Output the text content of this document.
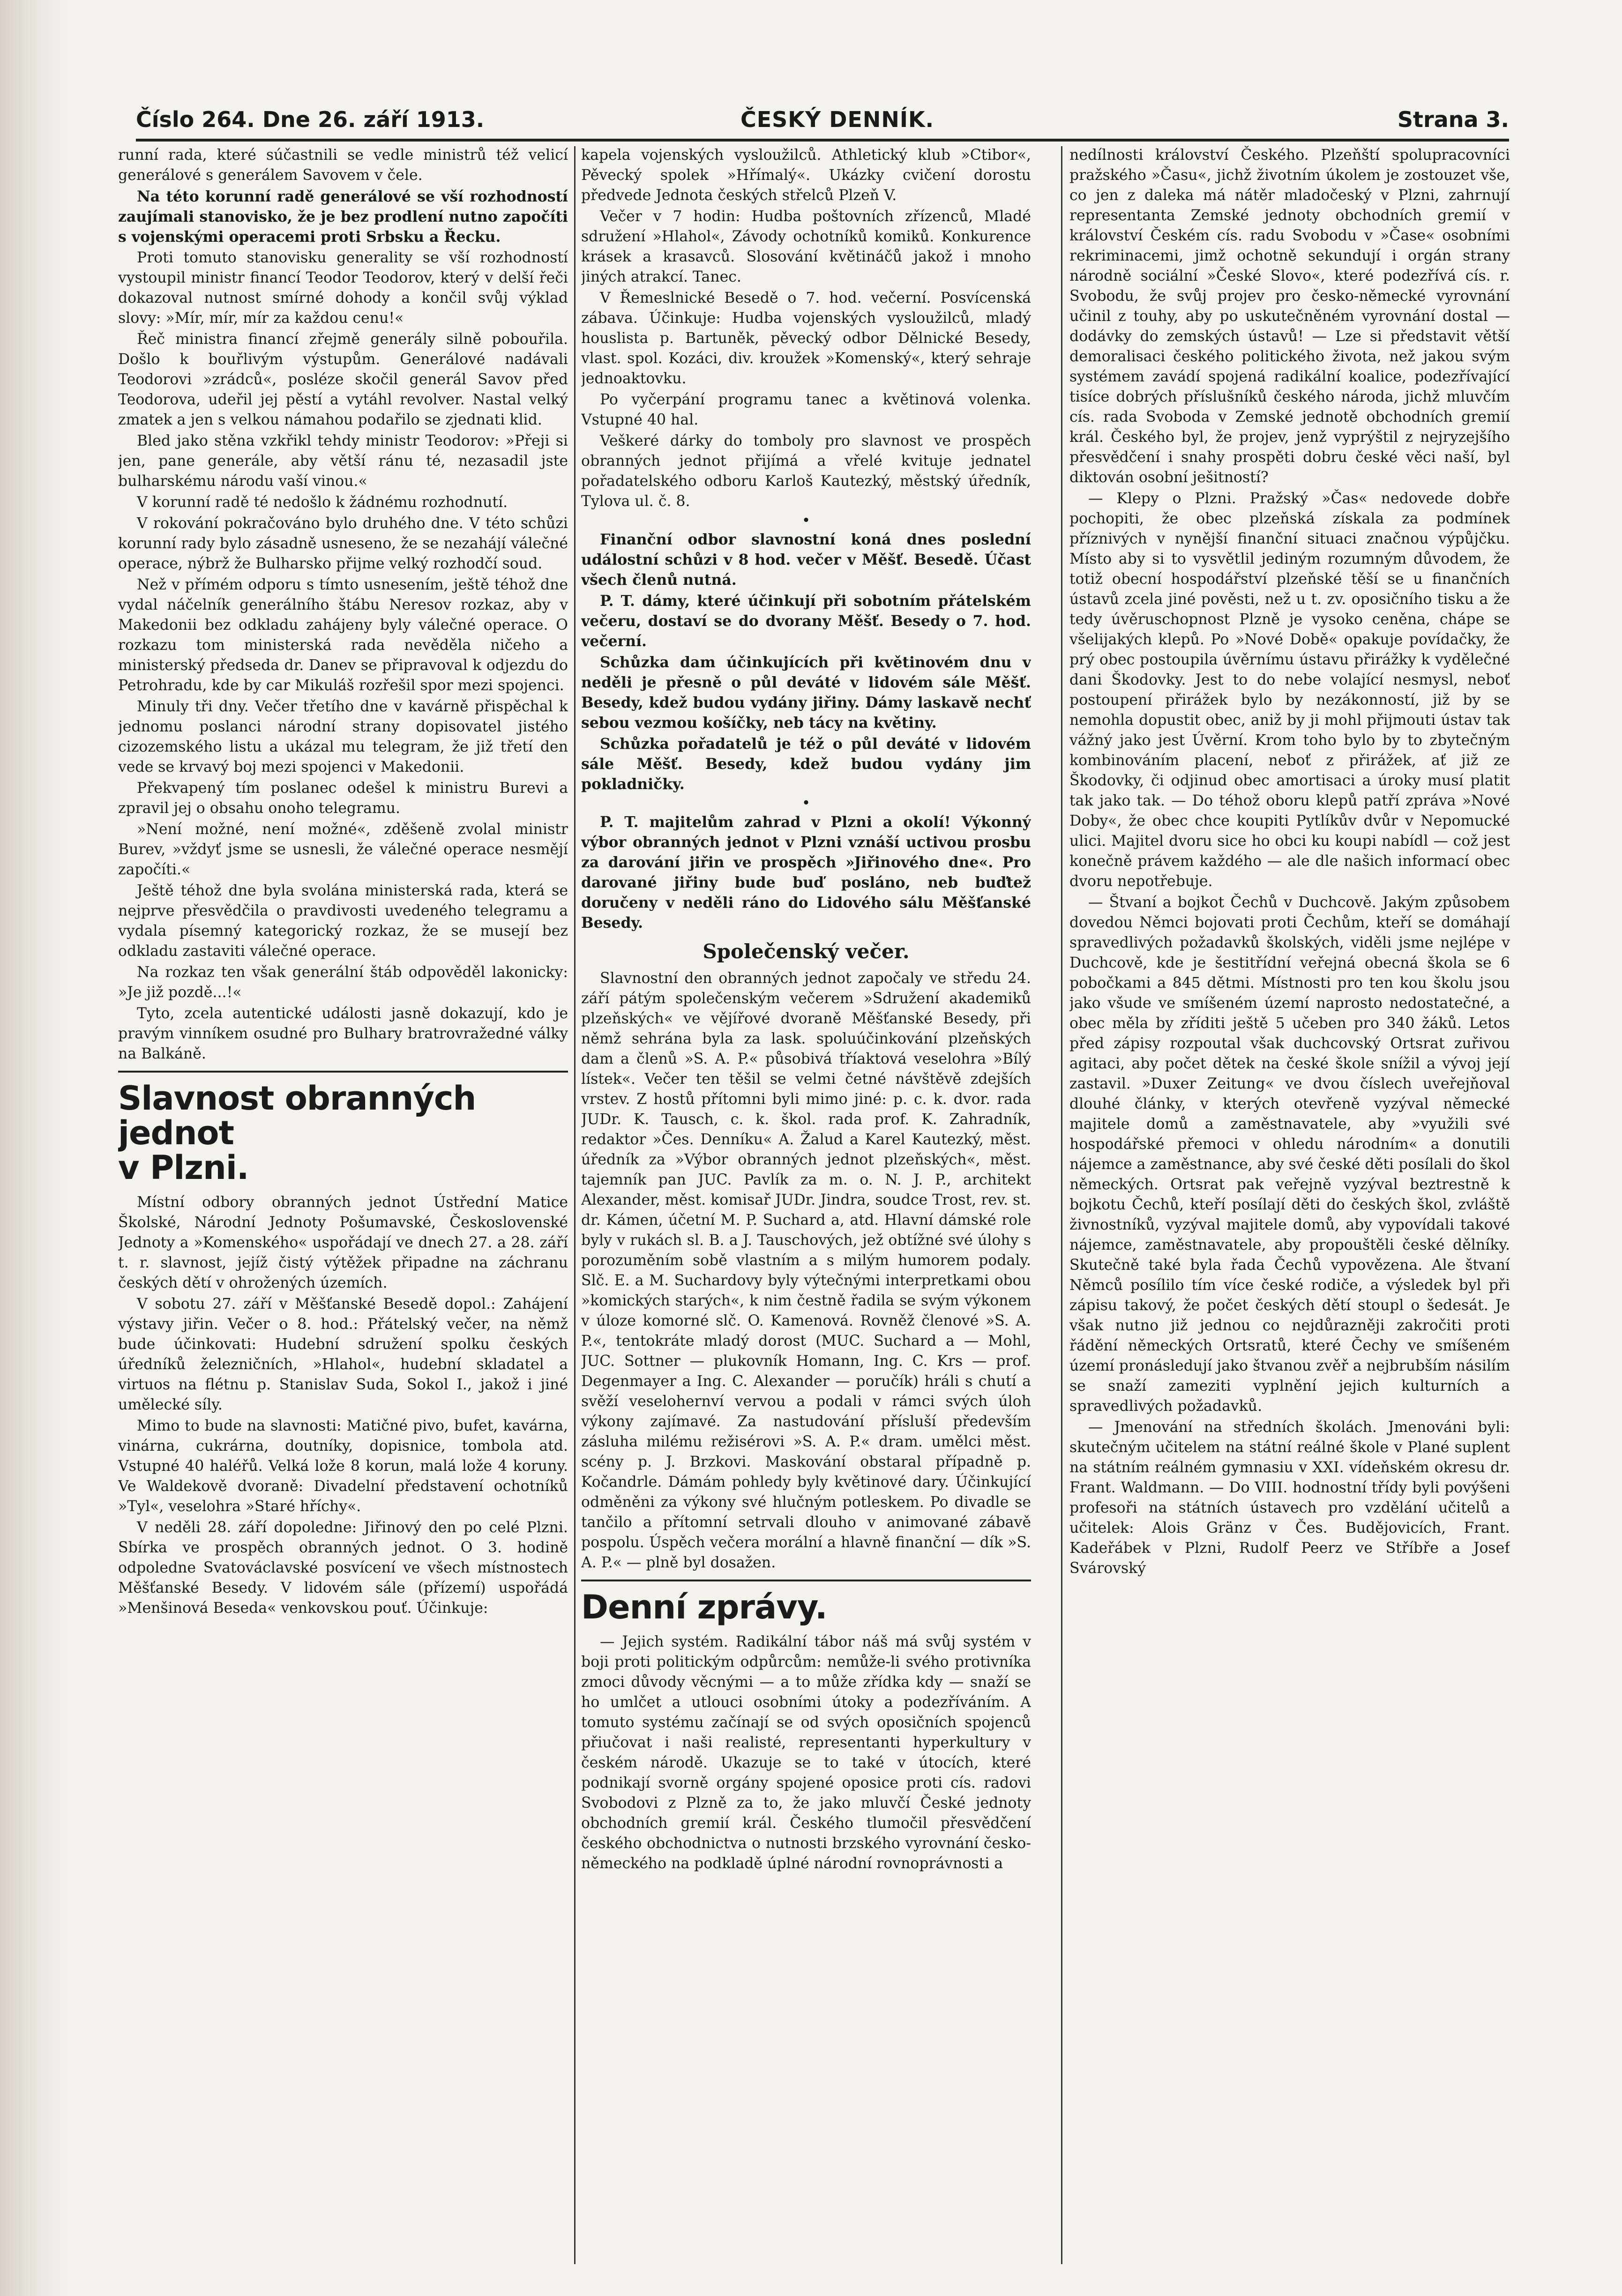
Číslo 264. Dne 26. září 1913.	ČESKÝ DENNÍK.	Strana 3.

runní rada, které súčastnili se vedle ministrů též velicí generálové s generálem Savovem v čele.

Na této korunní radě generálové se vší rozhodností zaujímali stanovisko, že je bez prodlení nutno započíti s vojenskými operacemi proti Srbsku a Řecku.

Proti tomuto stanovisku generality se vší rozhodností vystoupil ministr financí Teodor Teodorov, který v delší řeči dokazoval nutnost smírné dohody a končil svůj výklad slovy: »Mír, mír, mír za každou cenu!«

Řeč ministra financí zřejmě generály silně pobouřila. Došlo k bouřlivým výstupům. Generálové nadávali Teodorovi »zrádců«, posléze skočil generál Savov před Teodorova, udeřil jej pěstí a vytáhl revolver. Nastal velký zmatek a jen s velkou námahou podařilo se zjednati klid.

Bled jako stěna vzkřikl tehdy ministr Teodorov: »Přeji si jen, pane generále, aby větší ránu té, nezasadil jste bulharskému národu vaší vinou.«

V korunní radě té nedošlo k žádnému rozhodnutí.

V rokování pokračováno bylo druhého dne. V této schůzi korunní rady bylo zásadně usneseno, že se nezahájí válečné operace, nýbrž že Bulharsko přijme velký rozhodčí soud.

Než v přímém odporu s tímto usnesením, ještě téhož dne vydal náčelník generálního štábu Neresov rozkaz, aby v Makedonii bez odkladu zahájeny byly válečné operace. O rozkazu tom ministerská rada nevěděla ničeho a ministerský předseda dr. Danev se připravoval k odjezdu do Petrohradu, kde by car Mikuláš rozřešil spor mezi spojenci.

Minuly tři dny. Večer třetího dne v kavárně přispěchal k jednomu poslanci národní strany dopisovatel jistého cizozemského listu a ukázal mu telegram, že již třetí den vede se krvavý boj mezi spojenci v Makedonii.

Překvapený tím poslanec odešel k ministru Burevi a zpravil jej o obsahu onoho telegramu.

»Není možné, není možné«, zděšeně zvolal ministr Burev, »vždyť jsme se usnesli, že válečné operace nesmějí započíti.«

Ještě téhož dne byla svolána ministerská rada, která se nejprve přesvědčila o pravdivosti uvedeného telegramu a vydala písemný kategorický rozkaz, že se musejí bez odkladu zastaviti válečné operace.

Na rozkaz ten však generální štáb odpověděl lakonicky: »Je již pozdě...!«

Tyto, zcela autentické události jasně dokazují, kdo je pravým vinníkem osudné pro Bulhary bratrovražedné války na Balkáně.

Slavnost obranných jednot
v Plzni.

Místní odbory obranných jednot Ústřední Matice Školské, Národní Jednoty Pošumavské, Československé Jednoty a »Komenského« uspořádají ve dnech 27. a 28. září t. r. slavnost, jejíž čistý výtěžek připadne na záchranu českých dětí v ohrožených územích.

V sobotu 27. září v Měšťanské Besedě dopol.: Zahájení výstavy jiřin. Večer o 8. hod.: Přátelský večer, na němž bude účinkovati: Hudební sdružení spolku českých úředníků železničních, »Hlahol«, hudební skladatel a virtuos na flétnu p. Stanislav Suda, Sokol I., jakož i jiné umělecké síly.

Mimo to bude na slavnosti: Matičné pivo, bufet, kavárna, vinárna, cukrárna, doutníky, dopisnice, tombola atd. Vstupné 40 haléřů. Velká lože 8 korun, malá lože 4 koruny. Ve Waldekově dvoraně: Divadelní představení ochotníků »Tyl«, veselohra »Staré hříchy«.

V neděli 28. září dopoledne: Jiřinový den po celé Plzni. Sbírka ve prospěch obranných jednot. O 3. hodině odpoledne Svatováclavské posvícení ve všech místnostech Měšťanské Besedy. V lidovém sále (přízemí) uspořádá »Menšinová Beseda« venkovskou pouť. Účinkuje:

kapela vojenských vysloužilců. Athletický klub »Ctibor«, Pěvecký spolek »Hřímalý«. Ukázky cvičení dorostu předvede Jednota českých střelců Plzeň V.

Večer v 7 hodin: Hudba poštovních zřízenců, Mladé sdružení »Hlahol«, Závody ochotníků komiků. Konkurence krásek a krasavců. Slosování květináčů jakož i mnoho jiných atrakcí. Tanec.

V Řemeslnické Besedě o 7. hod. večerní. Posvícenská zábava. Účinkuje: Hudba vojenských vysloužilců, mladý houslista p. Bartuněk, pěvecký odbor Dělnické Besedy, vlast. spol. Kozáci, div. kroužek »Komenský«, který sehraje jednoaktovku.

Po vyčerpání programu tanec a květinová volenka. Vstupné 40 hal.

Veškeré dárky do tomboly pro slavnost ve prospěch obranných jednot přijímá a vřelé kvituje jednatel pořadatelského odboru Karloš Kautezký, městský úředník, Tylova ul. č. 8.

•

Finanční odbor slavnostní koná dnes poslední událostní schůzi v 8 hod. večer v Měšť. Besedě. Účast všech členů nutná.

P. T. dámy, které účinkují při sobotním přátelském večeru, dostaví se do dvorany Měšť. Besedy o 7. hod. večerní.

Schůzka dam účinkujících při květinovém dnu v neděli je přesně o půl deváté v lidovém sále Měšť. Besedy, kdež budou vydány jiřiny. Dámy laskavě nechť sebou vezmou košíčky, neb tácy na květiny.

Schůzka pořadatelů je též o půl deváté v lidovém sále Měšť. Besedy, kdež budou vydány jim pokladničky.

•

P. T. majitelům zahrad v Plzni a okolí! Výkonný výbor obranných jednot v Plzni vznáší uctivou prosbu za darování jiřin ve prospěch »Jiřinového dne«. Pro darované jiřiny bude buď posláno, neb buďtež doručeny v neděli ráno do Lidového sálu Měšťanské Besedy.

Společenský večer.

Slavnostní den obranných jednot započaly ve středu 24. září pátým společenským večerem »Sdružení akademiků plzeňských« ve vějířové dvoraně Měšťanské Besedy, při němž sehrána byla za lask. spoluúčinkování plzeňských dam a členů »S. A. P.« působivá tříaktová veselohra »Bílý lístek«. Večer ten těšil se velmi četné návštěvě zdejších vrstev. Z hostů přítomni byli mimo jiné: p. c. k. dvor. rada JUDr. K. Tausch, c. k. škol. rada prof. K. Zahradník, redaktor »Čes. Denníku« A. Žalud a Karel Kautezký, měst. úředník za »Výbor obranných jednot plzeňských«, měst. tajemník pan JUC. Pavlík za m. o. N. J. P., architekt Alexander, měst. komisař JUDr. Jindra, soudce Trost, rev. st. dr. Kámen, účetní M. P. Suchard a, atd. Hlavní dámské role byly v rukách sl. B. a J. Tauschových, jež obtížné své úlohy s porozuměním sobě vlastním a s milým humorem podaly. Slč. E. a M. Suchardovy byly výtečnými interpretkami obou »komických starých«, k nim čestně řadila se svým výkonem v úloze komorné slč. O. Kamenová. Rovněž členové »S. A. P.«, tentokráte mladý dorost (MUC. Suchard a — Mohl, JUC. Sottner — plukovník Homann, Ing. C. Krs — prof. Degenmayer a Ing. C. Alexander — poručík) hráli s chutí a svěží veselohernví vervou a podali v rámci svých úloh výkony zajímavé. Za nastudování přísluší především zásluha milému režisérovi »S. A. P.« dram. umělci měst. scény p. J. Brzkovi. Maskování obstaral případně p. Kočandrle. Dámám pohledy byly květinové dary. Účinkující odměněni za výkony své hlučným potleskem. Po divadle se tančilo a přítomní setrvali dlouho v animované zábavě pospolu. Úspěch večera morální a hlavně finanční — dík »S. A. P.« — plně byl dosažen.

Denní zprávy.

— Jejich systém. Radikální tábor náš má svůj systém v boji proti politickým odpůrcům: nemůže-li svého protivníka zmoci důvody věcnými — a to může zřídka kdy — snaží se ho umlčet a utlouci osobními útoky a podezříváním. A tomuto systému začínají se od svých oposičních spojenců přiučovat i naši realisté, representanti hyperkultury v českém národě. Ukazuje se to také v útocích, které podnikají svorně orgány spojené oposice proti cís. radovi Svobodovi z Plzně za to, že jako mluvčí České jednoty obchodních gremií král. Českého tlumočil přesvědčení českého obchodnictva o nutnosti brzského vyrovnání česko-německého na podkladě úplné národní rovnoprávnosti a

nedílnosti království Českého. Plzeňští spolupracovníci pražského »Času«, jichž životním úkolem je zostouzet vše, co jen z daleka má nátěr mladočeský v Plzni, zahrnují representanta Zemské jednoty obchodních gremií v království Českém cís. radu Svobodu v »Čase« osobními rekriminacemi, jimž ochotně sekundují i orgán strany národně sociální »České Slovo«, které podezřívá cís. r. Svobodu, že svůj projev pro česko-německé vyrovnání učinil z touhy, aby po uskutečněném vyrovnání dostal — dodávky do zemských ústavů! — Lze si představit větší demoralisaci českého politického života, než jakou svým systémem zavádí spojená radikální koalice, podezřívající tisíce dobrých příslušníků českého národa, jichž mluvčím cís. rada Svoboda v Zemské jednotě obchodních gremií král. Českého byl, že projev, jenž vyprýštil z nejryzejšího přesvědčení i snahy prospěti dobru české věci naší, byl diktován osobní ješitností?

— Klepy o Plzni. Pražský »Čas« nedovede dobře pochopiti, že obec plzeňská získala za podmínek příznivých v nynější finanční situaci značnou výpůjčku. Místo aby si to vysvětlil jediným rozumným důvodem, že totiž obecní hospodářství plzeňské těší se u finančních ústavů zcela jiné pověsti, než u t. zv. oposičního tisku a že tedy úvěruschopnost Plzně je vysoko ceněna, chápe se všelijakých klepů. Po »Nové Době« opakuje povídačky, že prý obec postoupila úvěrnímu ústavu přirážky k vydělečné dani Škodovky. Jest to do nebe volající nesmysl, neboť postoupení přirážek bylo by nezákonností, již by se nemohla dopustit obec, aniž by ji mohl přijmouti ústav tak vážný jako jest Úvěrní. Krom toho bylo by to zbytečným kombinováním placení, neboť z přirážek, ať již ze Škodovky, či odjinud obec amortisaci a úroky musí platit tak jako tak. — Do téhož oboru klepů patří zpráva »Nové Doby«, že obec chce koupiti Pytlíkův dvůr v Nepomucké ulici. Majitel dvoru sice ho obci ku koupi nabídl — což jest konečně právem každého — ale dle našich informací obec dvoru nepotřebuje.

— Štvaní a bojkot Čechů v Duchcově. Jakým způsobem dovedou Němci bojovati proti Čechům, kteří se domáhají spravedlivých požadavků školských, viděli jsme nejlépe v Duchcově, kde je šestitřídní veřejná obecná škola se 6 pobočkami a 845 dětmi. Místnosti pro ten kou školu jsou jako všude ve smíšeném území naprosto nedostatečné, a obec měla by zříditi ještě 5 učeben pro 340 žáků. Letos před zápisy rozpoutal však duchcovský Ortsrat zuřivou agitaci, aby počet dětek na české škole snížil a vývoj její zastavil. »Duxer Zeitung« ve dvou číslech uveřejňoval dlouhé články, v kterých otevřeně vyzýval německé majitele domů a zaměstnavatele, aby »využili své hospodářské přemoci v ohledu národním« a donutili nájemce a zaměstnance, aby své české děti posílali do škol německých. Ortsrat pak veřejně vyzýval beztrestně k bojkotu Čechů, kteří posílají děti do českých škol, zvláště živnostníků, vyzýval majitele domů, aby vypovídali takové nájemce, zaměstnavatele, aby propouštěli české dělníky. Skutečně také byla řada Čechů vypovězena. Ale štvaní Němců posílilo tím více české rodiče, a výsledek byl při zápisu takový, že počet českých dětí stoupl o šedesát. Je však nutno již jednou co nejdůrazněji zakročiti proti řádění německých Ortsratů, které Čechy ve smíšeném území pronásledují jako štvanou zvěř a nejbrubším násilím se snaží zameziti vyplnění jejich kulturních a spravedlivých požadavků.

— Jmenování na středních školách. Jmenováni byli: skutečným učitelem na státní reálné škole v Plané suplent na státním reálném gymnasiu v XXI. vídeňském okresu dr. Frant. Waldmann. — Do VIII. hodnostní třídy byli povýšeni profesoři na státních ústavech pro vzdělání učitelů a učitelek: Alois Gränz v Čes. Budějovicích, Frant. Kadeřábek v Plzni, Rudolf Peerz ve Stříbře a Josef Svárovský
